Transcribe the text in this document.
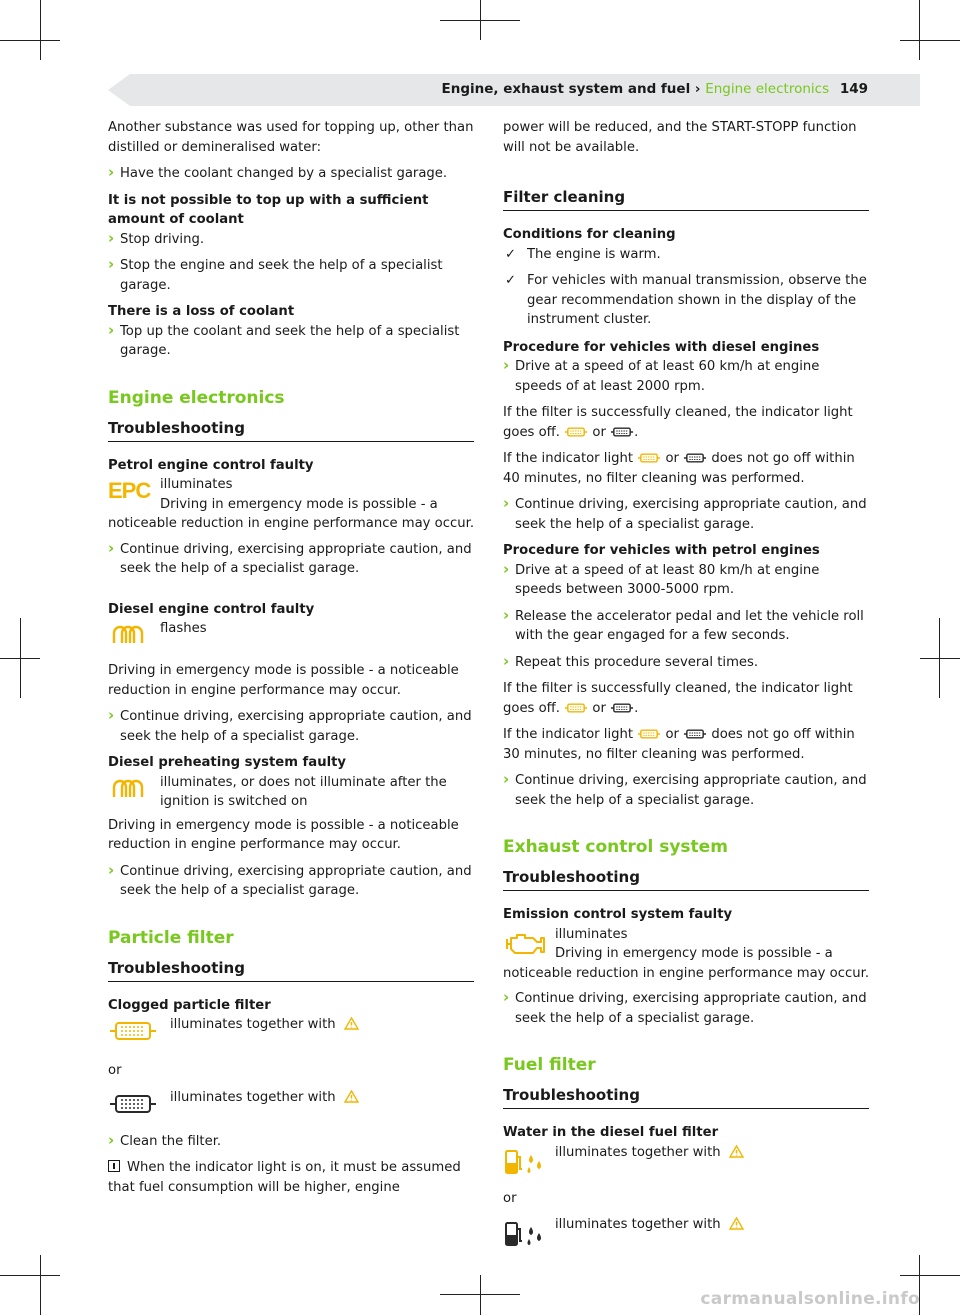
Engine, exhaust system and fuel › Engine electronics 149

Another substance was used for topping up, other than distilled or demineralised water:

› Have the coolant changed by a specialist garage.

It is not possible to top up with a sufficient amount of coolant

› Stop driving.

› Stop the engine and seek the help of a specialist garage.

There is a loss of coolant

› Top up the coolant and seek the help of a specialist garage.

Engine electronics
Troubleshooting

Petrol engine control faulty

EPC illuminates
Driving in emergency mode is possible - a noticeable reduction in engine performance may occur.

› Continue driving, exercising appropriate caution, and seek the help of a specialist garage.

Diesel engine control faulty

flashes

Driving in emergency mode is possible - a noticeable reduction in engine performance may occur.

› Continue driving, exercising appropriate caution, and seek the help of a specialist garage.

Diesel preheating system faulty

illuminates, or does not illuminate after the ignition is switched on

Driving in emergency mode is possible - a noticeable reduction in engine performance may occur.

› Continue driving, exercising appropriate caution, and seek the help of a specialist garage.

Particle filter
Troubleshooting

Clogged particle filter

illuminates together with

or

illuminates together with

› Clean the filter.

When the indicator light is on, it must be assumed that fuel consumption will be higher, engine

power will be reduced, and the START-STOPP function will not be available.

Filter cleaning

Conditions for cleaning

✓ The engine is warm.

✓ For vehicles with manual transmission, observe the gear recommendation shown in the display of the instrument cluster.

Procedure for vehicles with diesel engines

› Drive at a speed of at least 60 km/h at engine speeds of at least 2000 rpm.

If the filter is successfully cleaned, the indicator light goes off. or .

If the indicator light or does not go off within 40 minutes, no filter cleaning was performed.

› Continue driving, exercising appropriate caution, and seek the help of a specialist garage.

Procedure for vehicles with petrol engines

› Drive at a speed of at least 80 km/h at engine speeds between 3000-5000 rpm.

› Release the accelerator pedal and let the vehicle roll with the gear engaged for a few seconds.

› Repeat this procedure several times.

If the filter is successfully cleaned, the indicator light goes off. or .

If the indicator light or does not go off within 30 minutes, no filter cleaning was performed.

› Continue driving, exercising appropriate caution, and seek the help of a specialist garage.

Exhaust control system
Troubleshooting

Emission control system faulty

illuminates
Driving in emergency mode is possible - a noticeable reduction in engine performance may occur.

› Continue driving, exercising appropriate caution, and seek the help of a specialist garage.

Fuel filter
Troubleshooting

Water in the diesel fuel filter

illuminates together with

or

illuminates together with
carmanualsonline.info
